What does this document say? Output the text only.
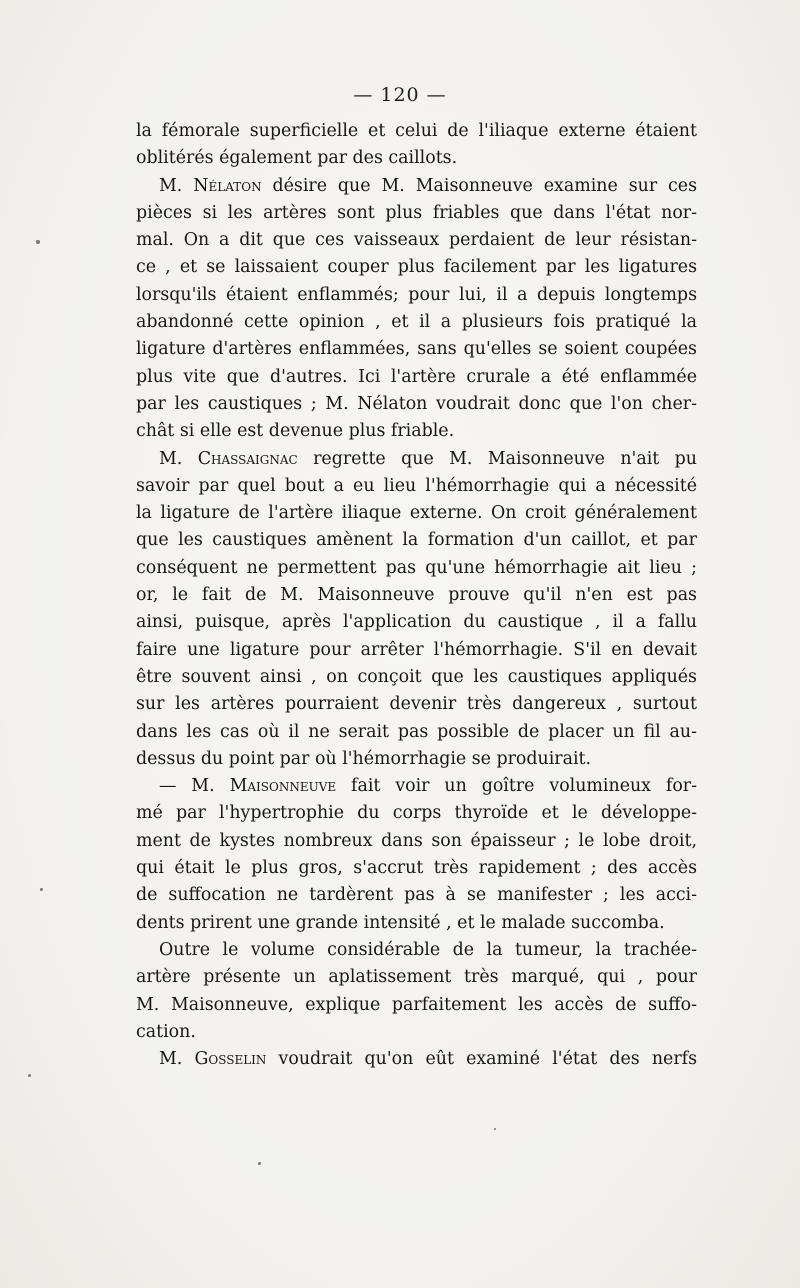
— 120 —
la fémorale superficielle et celui de l'iliaque externe étaient
oblitérés également par des caillots.
M. Nélaton désire que M. Maisonneuve examine sur ces
pièces si les artères sont plus friables que dans l'état nor-
mal. On a dit que ces vaisseaux perdaient de leur résistan-
ce , et se laissaient couper plus facilement par les ligatures
lorsqu'ils étaient enflammés; pour lui, il a depuis longtemps
abandonné cette opinion , et il a plusieurs fois pratiqué la
ligature d'artères enflammées, sans qu'elles se soient coupées
plus vite que d'autres. Ici l'artère crurale a été enflammée
par les caustiques ; M. Nélaton voudrait donc que l'on cher-
chât si elle est devenue plus friable.
M. Chassaignac regrette que M. Maisonneuve n'ait pu
savoir par quel bout a eu lieu l'hémorrhagie qui a nécessité
la ligature de l'artère iliaque externe. On croit généralement
que les caustiques amènent la formation d'un caillot, et par
conséquent ne permettent pas qu'une hémorrhagie ait lieu ;
or, le fait de M. Maisonneuve prouve qu'il n'en est pas
ainsi, puisque, après l'application du caustique , il a fallu
faire une ligature pour arrêter l'hémorrhagie. S'il en devait
être souvent ainsi , on conçoit que les caustiques appliqués
sur les artères pourraient devenir très dangereux , surtout
dans les cas où il ne serait pas possible de placer un fil au-
dessus du point par où l'hémorrhagie se produirait.
— M. Maisonneuve fait voir un goître volumineux for-
mé par l'hypertrophie du corps thyroïde et le développe-
ment de kystes nombreux dans son épaisseur ; le lobe droit,
qui était le plus gros, s'accrut très rapidement ; des accès
de suffocation ne tardèrent pas à se manifester ; les acci-
dents prirent une grande intensité , et le malade succomba.
Outre le volume considérable de la tumeur, la trachée-
artère présente un aplatissement très marqué, qui , pour
M. Maisonneuve, explique parfaitement les accès de suffo-
cation.
M. Gosselin voudrait qu'on eût examiné l'état des nerfs
